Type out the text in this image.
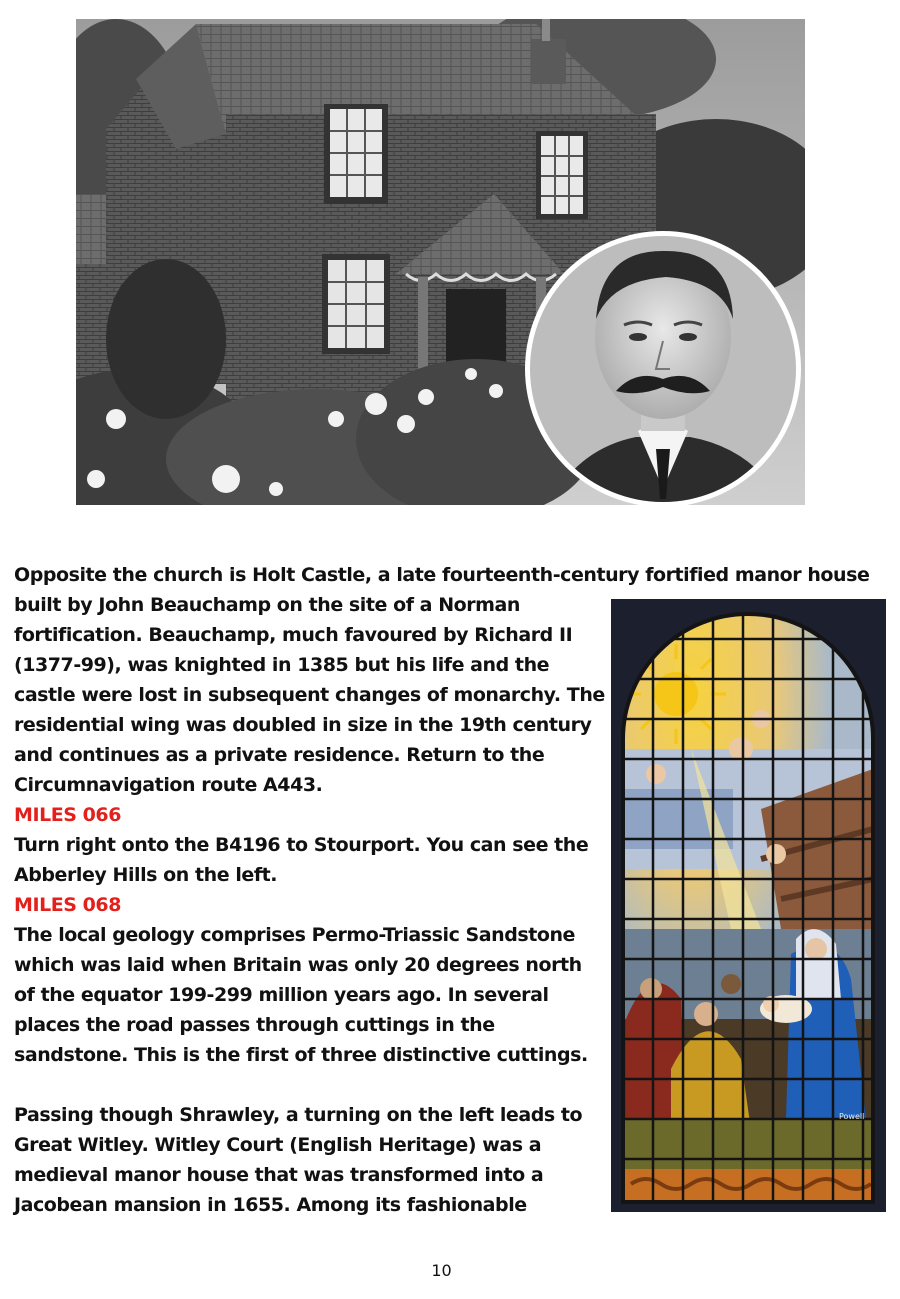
Powell
Opposite the church is Holt Castle, a late fourteenth-century fortified manor house
built by John Beauchamp on the site of a Norman
fortification. Beauchamp, much favoured by Richard II
(1377-99), was knighted in 1385 but his life and the
castle were lost in subsequent changes of monarchy. The
residential wing was doubled in size in the 19th century
and continues as a private residence. Return to the
Circumnavigation route A443.
MILES 066
Turn right onto the B4196 to Stourport. You can see the
Abberley Hills on the left.
MILES 068
The local geology comprises Permo-Triassic Sandstone
which was laid when Britain was only 20 degrees north
of the equator 199-299 million years ago. In several
places the road passes through cuttings in the
sandstone. This is the first of three distinctive cuttings.
Passing though Shrawley, a turning on the left leads to
Great Witley. Witley Court (English Heritage) was a
medieval manor house that was transformed into a
Jacobean mansion in 1655. Among its fashionable
10
